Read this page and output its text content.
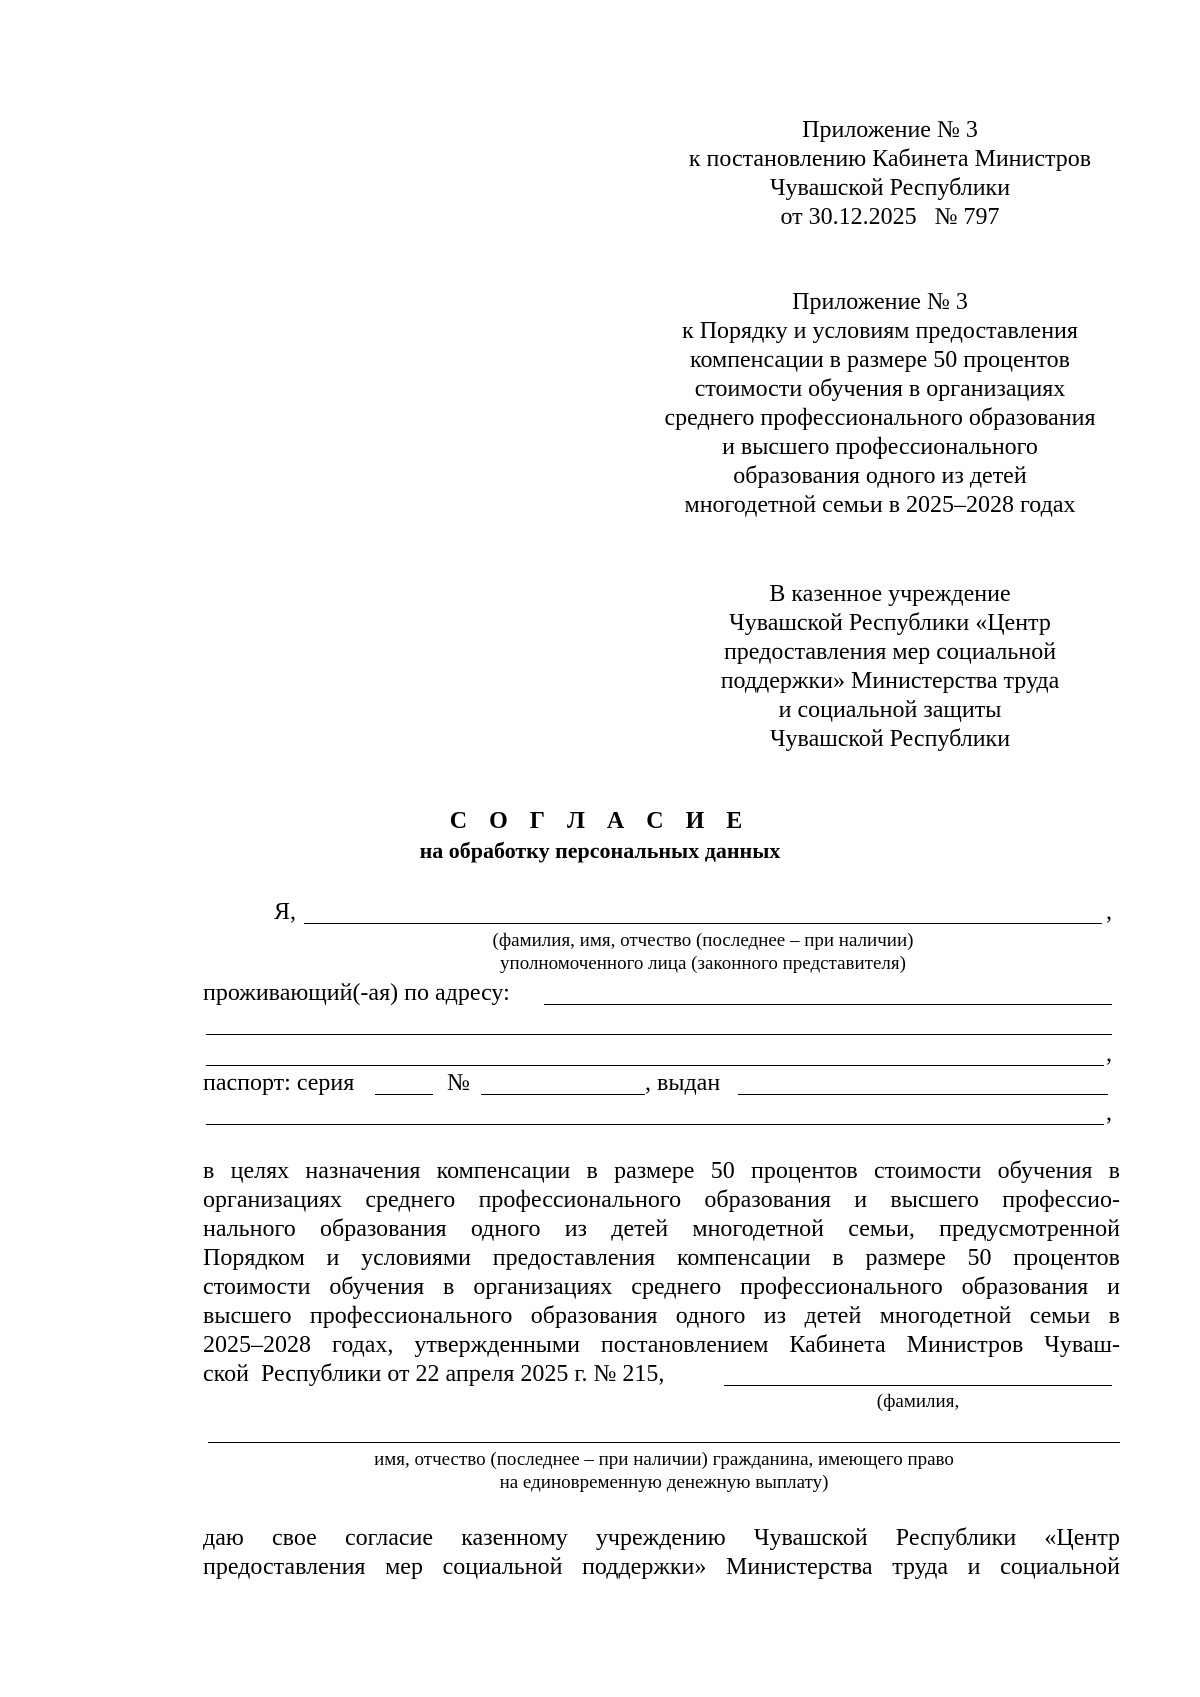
Приложение № 3
к постановлению Кабинета Министров
Чувашской Республики
от 30.12.2025   № 797
Приложение № 3
к Порядку и условиям предоставления
компенсации в размере 50 процентов
стоимости обучения в организациях
среднего профессионального образования
и высшего профессионального
образования одного из детей
многодетной семьи в 2025–2028 годах
В казенное учреждение
Чувашской Республики «Центр
предоставления мер социальной
поддержки» Министерства труда
и социальной защиты
Чувашской Республики
С О Г Л А С И Е
на обработку персональных данных
Я,	,
(фамилия, имя, отчество (последнее – при наличии)
уполномоченного лица (законного представителя)
проживающий(-ая) по адресу:
,
паспорт: серия	№	, выдан
,
в целях назначения компенсации в размере 50 процентов стоимости обучения в
организациях среднего профессионального образования и высшего профессио-
нального образования одного из детей многодетной семьи, предусмотренной
Порядком и условиями предоставления компенсации в размере 50 процентов
стоимости обучения в организациях среднего профессионального образования и
высшего профессионального образования одного из детей многодетной семьи в
2025–2028 годах, утвержденными постановлением Кабинета Министров Чуваш-
ской  Республики от 22 апреля 2025 г. № 215,
(фамилия,
имя, отчество (последнее – при наличии) гражданина, имеющего право
на единовременную денежную выплату)
даю свое согласие казенному учреждению Чувашской Республики «Центр
предоставления мер социальной поддержки» Министерства труда и социальной
